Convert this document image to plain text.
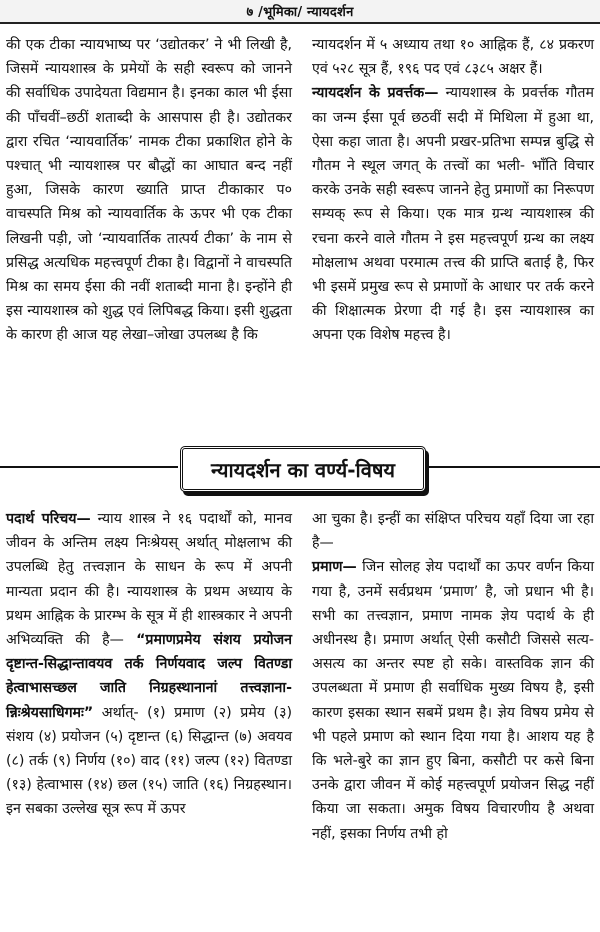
७ /भूमिका/ न्यायदर्शन

की एक टीका न्यायभाष्य पर ‘उद्योतकर’ ने भी लिखी है, जिसमें न्यायशास्त्र के प्रमेयों के सही स्वरूप को जानने की सर्वाधिक उपादेयता विद्यमान है। इनका काल भी ईसा की पाँचवीं–छठीं शताब्दी के आसपास ही है। उद्योतकर द्वारा रचित ‘न्यायवार्तिक’ नामक टीका प्रकाशित होने के पश्चात् भी न्यायशास्त्र पर बौद्धों का आघात बन्द नहीं हुआ, जिसके कारण ख्याति प्राप्त टीकाकार प० वाचस्पति मिश्र को न्यायवार्तिक के ऊपर भी एक टीका लिखनी पड़ी, जो ‘न्यायवार्तिक तात्पर्य टीका’ के नाम से प्रसिद्ध अत्यधिक महत्त्वपूर्ण टीका है। विद्वानों ने वाचस्पति मिश्र का समय ईसा की नवीं शताब्दी माना है। इन्होंने ही इस न्यायशास्त्र को शुद्ध एवं लिपिबद्ध किया। इसी शुद्धता के कारण ही आज यह लेखा–जोखा उपलब्ध है कि

न्यायदर्शन में ५ अध्याय तथा १० आह्निक हैं, ८४ प्रकरण एवं ५२८ सूत्र हैं, १९६ पद एवं ८३८५ अक्षर हैं।

न्यायदर्शन के प्रवर्त्तक— न्यायशास्त्र के प्रवर्त्तक गौतम का जन्म ईसा पूर्व छठवीं सदी में मिथिला में हुआ था, ऐसा कहा जाता है। अपनी प्रखर-प्रतिभा सम्पन्न बुद्धि से गौतम ने स्थूल जगत् के तत्त्वों का भली- भाँति विचार करके उनके सही स्वरूप जानने हेतु प्रमाणों का निरूपण सम्यक् रूप से किया। एक मात्र ग्रन्थ न्यायशास्त्र की रचना करने वाले गौतम ने इस महत्त्वपूर्ण ग्रन्थ का लक्ष्य मोक्षलाभ अथवा परमात्म तत्त्व की प्राप्ति बताई है, फिर भी इसमें प्रमुख रूप से प्रमाणों के आधार पर तर्क करने की शिक्षात्मक प्रेरणा दी गई है। इस न्यायशास्त्र का अपना एक विशेष महत्त्व है।

न्यायदर्शन का वर्ण्य-विषय

पदार्थ परिचय— न्याय शास्त्र ने १६ पदार्थों को, मानव जीवन के अन्तिम लक्ष्य निःश्रेयस् अर्थात् मोक्षलाभ की उपलब्धि हेतु तत्त्वज्ञान के साधन के रूप में अपनी मान्यता प्रदान की है। न्यायशास्त्र के प्रथम अध्याय के प्रथम आह्निक के प्रारम्भ के सूत्र में ही शास्त्रकार ने अपनी अभिव्यक्ति की है— “प्रमाणप्रमेय संशय प्रयोजन दृष्टान्त-सिद्धान्तावयव तर्क निर्णयवाद जल्प वितण्डा हेत्वाभासच्छल जाति निग्रहस्थानानां तत्त्वज्ञाना-न्निःश्रेयसाधिगमः” अर्थात्- (१) प्रमाण (२) प्रमेय (३) संशय (४) प्रयोजन (५) दृष्टान्त (६) सिद्धान्त (७) अवयव (८) तर्क (९) निर्णय (१०) वाद (११) जल्प (१२) वितण्डा (१३) हेत्वाभास (१४) छल (१५) जाति (१६) निग्रहस्थान। इन सबका उल्लेख सूत्र रूप में ऊपर

आ चुका है। इन्हीं का संक्षिप्त परिचय यहाँ दिया जा रहा है—

प्रमाण— जिन सोलह ज्ञेय पदार्थों का ऊपर वर्णन किया गया है, उनमें सर्वप्रथम ‘प्रमाण’ है, जो प्रधान भी है। सभी का तत्त्वज्ञान, प्रमाण नामक ज्ञेय पदार्थ के ही अधीनस्थ है। प्रमाण अर्थात् ऐसी कसौटी जिससे सत्य-असत्य का अन्तर स्पष्ट हो सके। वास्तविक ज्ञान की उपलब्धता में प्रमाण ही सर्वाधिक मुख्य विषय है, इसी कारण इसका स्थान सबमें प्रथम है। ज्ञेय विषय प्रमेय से भी पहले प्रमाण को स्थान दिया गया है। आशय यह है कि भले-बुरे का ज्ञान हुए बिना, कसौटी पर कसे बिना उनके द्वारा जीवन में कोई महत्त्वपूर्ण प्रयोजन सिद्ध नहीं किया जा सकता। अमुक विषय विचारणीय है अथवा नहीं, इसका निर्णय तभी हो
